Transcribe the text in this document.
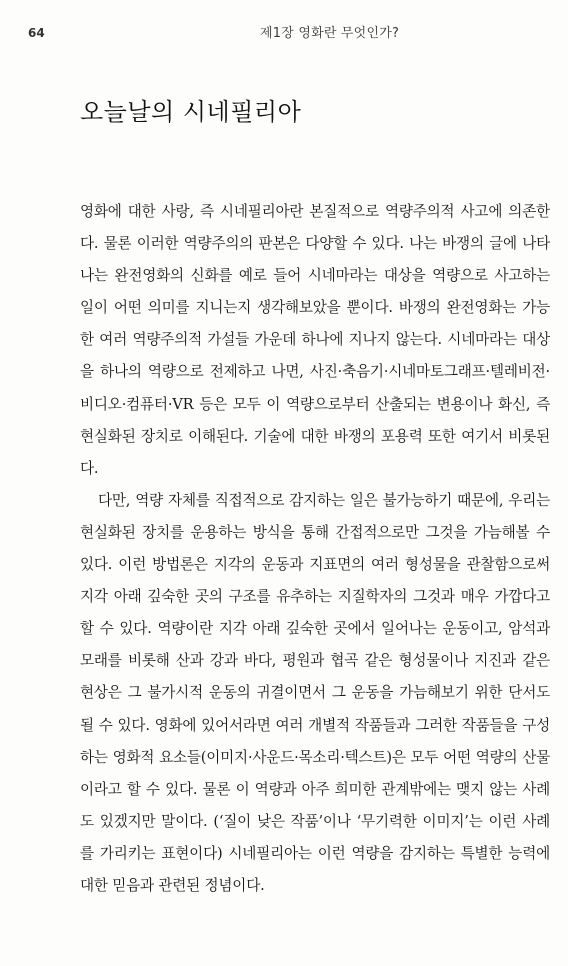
64	제1장 영화란 무엇인가?
오늘날의 시네필리아

영화에 대한 사랑, 즉 시네필리아란 본질적으로 역량주의적 사고에 의존한다. 물론 이러한 역량주의의 판본은 다양할 수 있다. 나는 바쟁의 글에 나타나는 완전영화의 신화를 예로 들어 시네마라는 대상을 역량으로 사고하는 일이 어떤 의미를 지니는지 생각해보았을 뿐이다. 바쟁의 완전영화는 가능한 여러 역량주의적 가설들 가운데 하나에 지나지 않는다. 시네마라는 대상을 하나의 역량으로 전제하고 나면, 사진·축음기·시네마토그래프·텔레비전·비디오·컴퓨터·VR 등은 모두 이 역량으로부터 산출되는 변용이나 화신, 즉 현실화된 장치로 이해된다. 기술에 대한 바쟁의 포용력 또한 여기서 비롯된다.

다만, 역량 자체를 직접적으로 감지하는 일은 불가능하기 때문에, 우리는 현실화된 장치를 운용하는 방식을 통해 간접적으로만 그것을 가늠해볼 수 있다. 이런 방법론은 지각의 운동과 지표면의 여러 형성물을 관찰함으로써 지각 아래 깊숙한 곳의 구조를 유추하는 지질학자의 그것과 매우 가깝다고 할 수 있다. 역량이란 지각 아래 깊숙한 곳에서 일어나는 운동이고, 암석과 모래를 비롯해 산과 강과 바다, 평원과 협곡 같은 형성물이나 지진과 같은 현상은 그 불가시적 운동의 귀결이면서 그 운동을 가늠해보기 위한 단서도 될 수 있다. 영화에 있어서라면 여러 개별적 작품들과 그러한 작품들을 구성하는 영화적 요소들(이미지·사운드·목소리·텍스트)은 모두 어떤 역량의 산물이라고 할 수 있다. 물론 이 역량과 아주 희미한 관계밖에는 맺지 않는 사례도 있겠지만 말이다. (‘질이 낮은 작품’이나 ‘무기력한 이미지’는 이런 사례를 가리키는 표현이다) 시네필리아는 이런 역량을 감지하는 특별한 능력에 대한 믿음과 관련된 정념이다.
